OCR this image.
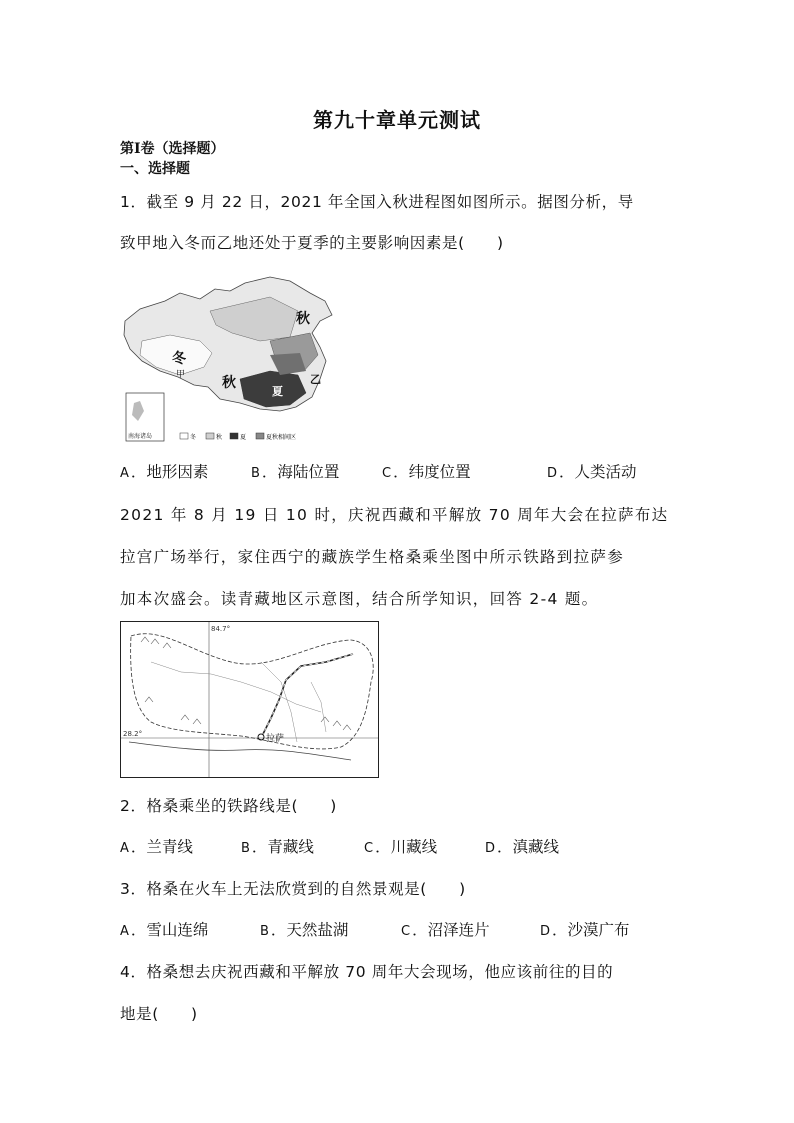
第九十章单元测试
第Ⅰ卷（选择题）
一、选择题
1．截至 9 月 22 日，2021 年全国入秋进程图如图所示。据图分析，导
致甲地入冬而乙地还处于夏季的主要影响因素是(　　)
南海诸岛
秋
冬
甲	秋
夏
乙
冬	秋	夏	夏秋相间区
A ．地形因素	B ．海陆位置	C ．纬度位置	D ．人类活动
2021 年 8 月 19 日 10 时，庆祝西藏和平解放 70 周年大会在拉萨布达
拉宫广场举行，家住西宁的藏族学生格桑乘坐图中所示铁路到拉萨参
加本次盛会。读青藏地区示意图，结合所学知识，回答 2-4 题。
84.7°
28.2°	拉萨
2．格桑乘坐的铁路线是(　　)
A ．兰青线	B ．青藏线	C ．川藏线	D ．滇藏线
3．格桑在火车上无法欣赏到的自然景观是(　　)
A ．雪山连绵	B ．天然盐湖	C ．沼泽连片	D ．沙漠广布
4．格桑想去庆祝西藏和平解放 70 周年大会现场，他应该前往的目的
地是(　　)
